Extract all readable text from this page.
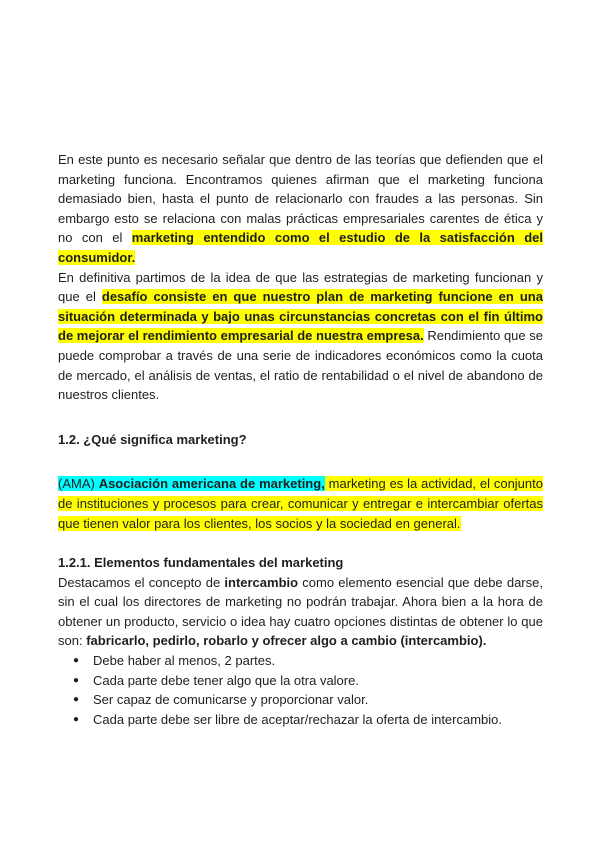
En este punto es necesario señalar que dentro de las teorías que defienden que el marketing funciona. Encontramos quienes afirman que el marketing funciona demasiado bien, hasta el punto de relacionarlo con fraudes a las personas. Sin embargo esto se relaciona con malas prácticas empresariales carentes de ética y no con el marketing entendido como el estudio de la satisfacción del consumidor.

En definitiva partimos de la idea de que las estrategias de marketing funcionan y que el desafío consiste en que nuestro plan de marketing funcione en una situación determinada y bajo unas circunstancias concretas con el fin último de mejorar el rendimiento empresarial de nuestra empresa. Rendimiento que se puede comprobar a través de una serie de indicadores económicos como la cuota de mercado, el análisis de ventas, el ratio de rentabilidad o el nivel de abandono de nuestros clientes.

1.2. ¿Qué significa marketing?

(AMA) Asociación americana de marketing, marketing es la actividad, el conjunto de instituciones y procesos para crear, comunicar y entregar e intercambiar ofertas que tienen valor para los clientes, los socios y la sociedad en general.

1.2.1. Elementos fundamentales del marketing

Destacamos el concepto de intercambio como elemento esencial que debe darse, sin el cual los directores de marketing no podrán trabajar. Ahora bien a la hora de obtener un producto, servicio o idea hay cuatro opciones distintas de obtener lo que son: fabricarlo, pedirlo, robarlo y ofrecer algo a cambio (intercambio).

● Debe haber al menos, 2 partes.
● Cada parte debe tener algo que la otra valore.
● Ser capaz de comunicarse y proporcionar valor.
● Cada parte debe ser libre de aceptar/rechazar la oferta de intercambio.
